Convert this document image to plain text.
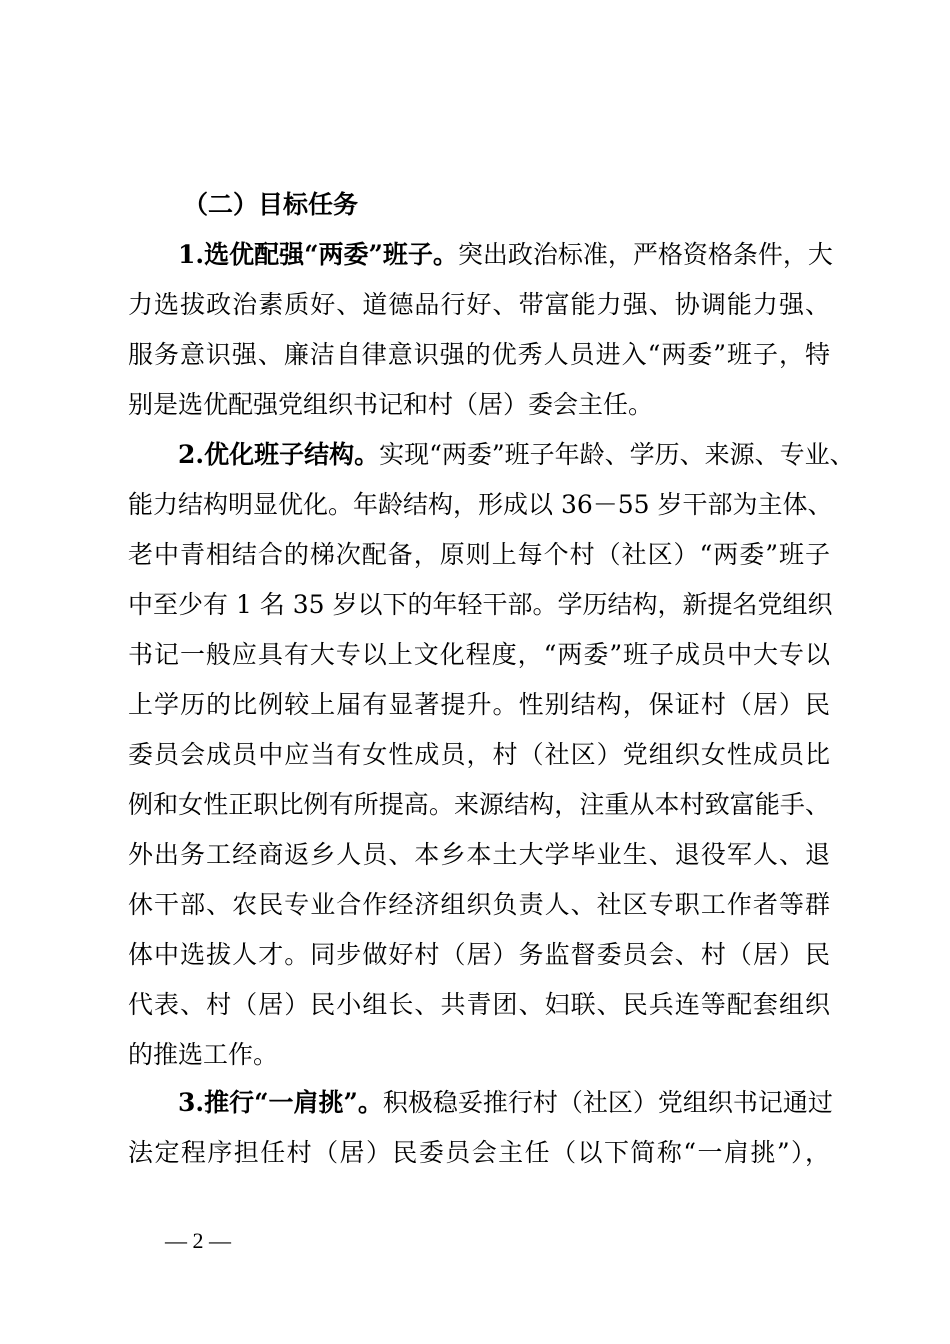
（二）目标任务
1.选优配强“两委”班子。突出政治标准，严格资格条件，大
力选拔政治素质好、道德品行好、带富能力强、协调能力强、
服务意识强、廉洁自律意识强的优秀人员进入“两委”班子，特
别是选优配强党组织书记和村（居）委会主任。
2.优化班子结构。实现“两委”班子年龄、学历、来源、专业、
能力结构明显优化。年龄结构，形成以 36－55 岁干部为主体、
老中青相结合的梯次配备，原则上每个村（社区）“两委”班子
中至少有 1 名 35 岁以下的年轻干部。学历结构，新提名党组织
书记一般应具有大专以上文化程度，“两委”班子成员中大专以
上学历的比例较上届有显著提升。性别结构，保证村（居）民
委员会成员中应当有女性成员，村（社区）党组织女性成员比
例和女性正职比例有所提高。来源结构，注重从本村致富能手、
外出务工经商返乡人员、本乡本土大学毕业生、退役军人、退
休干部、农民专业合作经济组织负责人、社区专职工作者等群
体中选拔人才。同步做好村（居）务监督委员会、村（居）民
代表、村（居）民小组长、共青团、妇联、民兵连等配套组织
的推选工作。
3.推行“一肩挑”。积极稳妥推行村（社区）党组织书记通过
法定程序担任村（居）民委员会主任（以下简称“一肩挑”），
— 2 —
